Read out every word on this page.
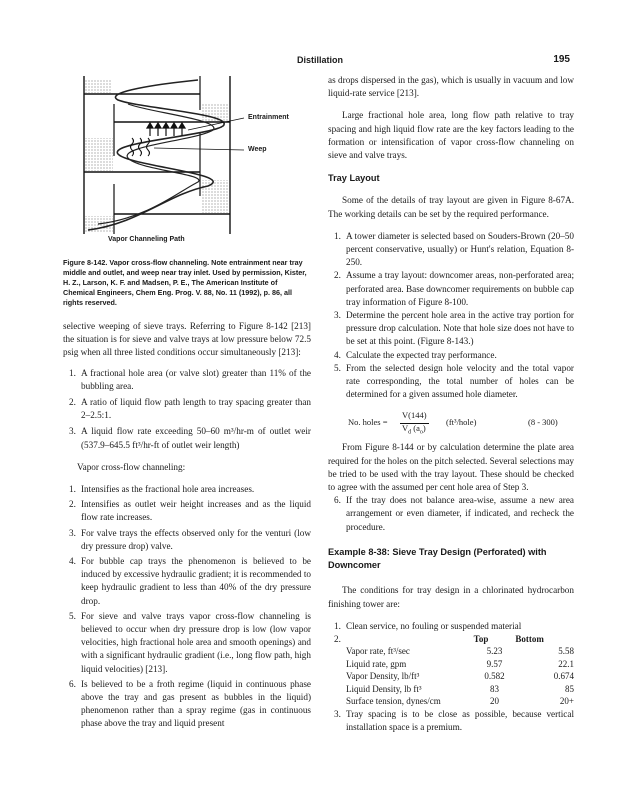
Distillation	195
Entrainment
Weep
Vapor Channeling Path
Figure 8-142. Vapor cross-flow channeling. Note entrainment near tray middle and outlet, and weep near tray inlet. Used by permission, Kister, H. Z., Larson, K. F. and Madsen, P. E., The American Institute of Chemical Engineers, Chem Eng. Prog. V. 88, No. 11 (1992), p. 86, all rights reserved.

selective weeping of sieve trays. Referring to Figure 8-142 [213] the situation is for sieve and valve trays at low pressure below 72.5 psig when all three listed conditions occur simultaneously [213]:

1. A fractional hole area (or valve slot) greater than 11% of the bubbling area.
2. A ratio of liquid flow path length to tray spacing greater than 2–2.5:1.
3. A liquid flow rate exceeding 50–60 m³/hr-m of outlet weir (537.9–645.5 ft³/hr-ft of outlet weir length)

Vapor cross-flow channeling:

1. Intensifies as the fractional hole area increases.
2. Intensifies as outlet weir height increases and as the liquid flow rate increases.
3. For valve trays the effects observed only for the venturi (low dry pressure drop) valve.
4. For bubble cap trays the phenomenon is believed to be induced by excessive hydraulic gradient; it is recommended to keep hydraulic gradient to less than 40% of the dry pressure drop.
5. For sieve and valve trays vapor cross-flow channeling is believed to occur when dry pressure drop is low (low vapor velocities, high fractional hole area and smooth openings) and with a significant hydraulic gradient (i.e., long flow path, high liquid velocities) [213].
6. Is believed to be a froth regime (liquid in continuous phase above the tray and gas present as bubbles in the liquid) phenomenon rather than a spray regime (gas in continuous phase above the tray and liquid present

as drops dispersed in the gas), which is usually in vacuum and low liquid-rate service [213].

Large fractional hole area, long flow path relative to tray spacing and high liquid flow rate are the key factors leading to the formation or intensification of vapor cross-flow channeling on sieve and valve trays.

Tray Layout

Some of the details of tray layout are given in Figure 8-67A. The working details can be set by the required performance.

1. A tower diameter is selected based on Souders-Brown (20–50 percent conservative, usually) or Hunt's relation, Equation 8-250.
2. Assume a tray layout: downcomer areas, non-perforated area; perforated area. Base downcomer requirements on bubble cap tray information of Figure 8-100.
3. Determine the percent hole area in the active tray portion for pressure drop calculation. Note that hole size does not have to be set at this point. (Figure 8-143.)
4. Calculate the expected tray performance.
5. From the selected design hole velocity and the total vapor rate corresponding, the total number of holes can be determined for a given assumed hole diameter.
No. holes =
V(144)
$V_d$ $(a_o)$
(ft³/hole)	(8 - 300)

From Figure 8-144 or by calculation determine the plate area required for the holes on the pitch selected. Several selections may be tried to be used with the tray layout. These should be checked to agree with the assumed per cent hole area of Step 3.

6. If the tray does not balance area-wise, assume a new area arrangement or even diameter, if indicated, and recheck the procedure.
Example 8-38: Sieve Tray Design (Perforated) with Downcomer

The conditions for tray design in a chlorinated hydrocarbon finishing tower are:

1. Clean service, no fouling or suspended material
2.
		Top	Bottom
Vapor rate, ft³/sec	5.23	5.58
Liquid rate, gpm	9.57	22.1
Vapor Density, lb/ft³	0.582	0.674
Liquid Density, lb ft³	83	85
Surface tension, dynes/cm	20	20+
3. Tray spacing is to be close as possible, because vertical installation space is a premium.
